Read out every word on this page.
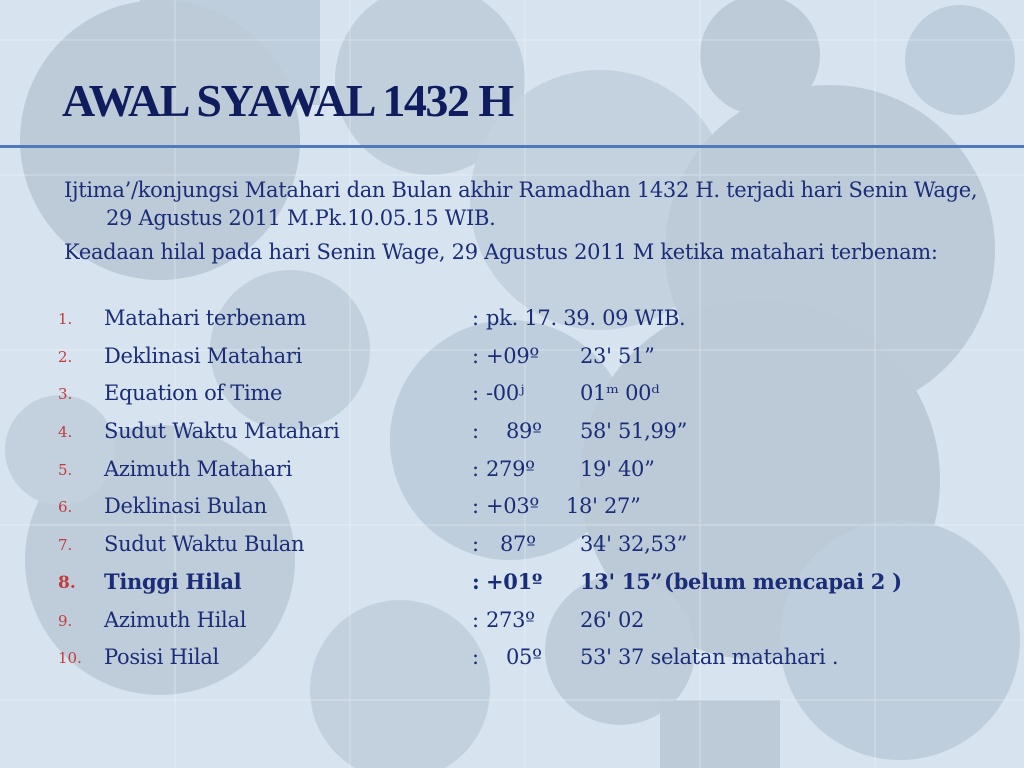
AWAL SYAWAL 1432 H
Ijtima’/konjungsi Matahari dan Bulan akhir Ramadhan 1432 H. terjadi hari Senin Wage, 29 Agustus 2011 M.Pk.10.05.15 WIB.
Keadaan hilal pada hari Senin Wage, 29 Agustus 2011 M ketika matahari terbenam:
1. Matahari terbenam	: pk. 17. 39. 09 WIB.
2. Deklinasi Matahari	: +09º 23' 51”
3. Equation of Time	: -00ʲ	01ᵐ 00ᵈ
4. Sudut Waktu Matahari	: 89º 58' 51,99”
5. Azimuth Matahari	: 279º 19' 40”
6. Deklinasi Bulan	: +03º 18' 27”
7. Sudut Waktu Bulan	: 87º 34' 32,53”
8. Tinggi Hilal	: +01º 13' 15” (belum mencapai 2 )
9. Azimuth Hilal	: 273º 26' 02
10. Posisi Hilal	: 05º 53' 37 selatan matahari .
